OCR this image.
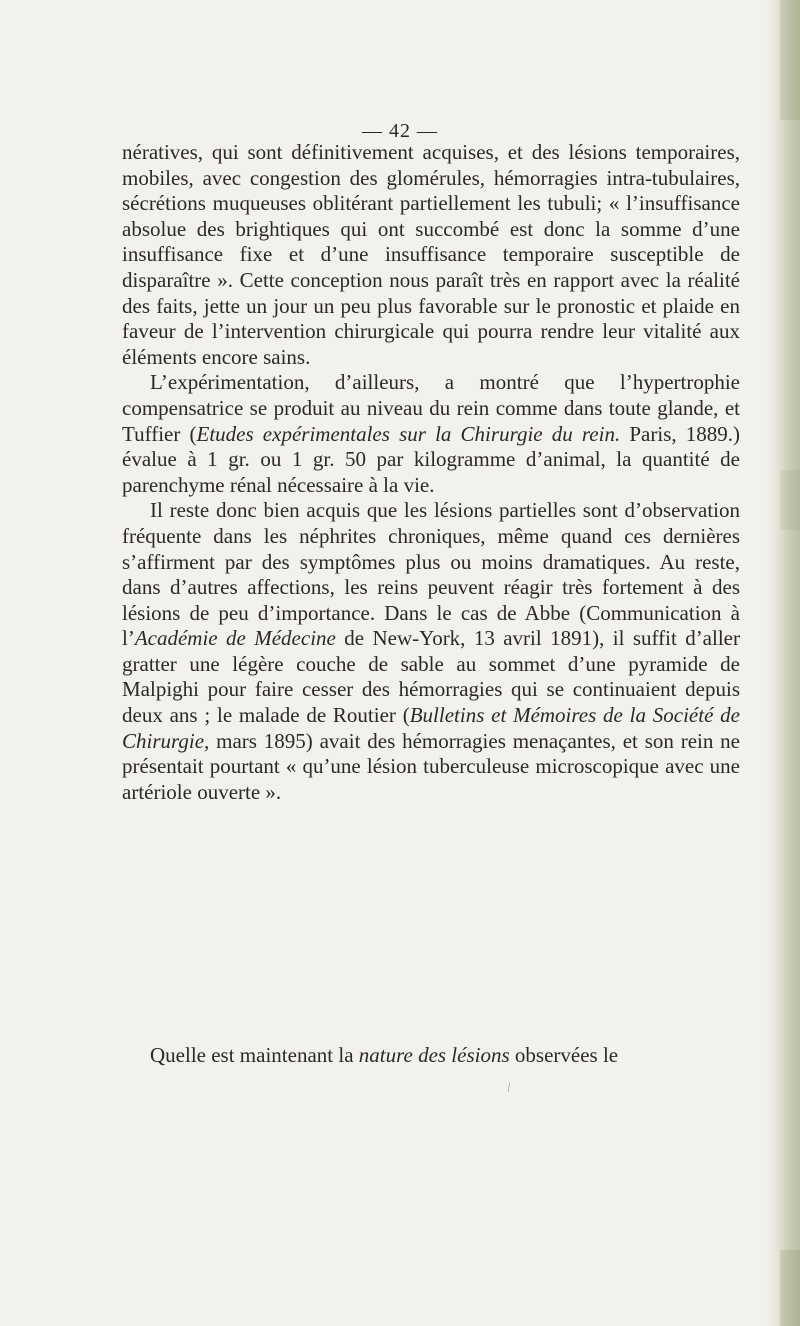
— 42 —

nératives, qui sont définitivement acquises, et des lésions temporaires, mobiles, avec congestion des glomérules, hémorragies intra-tubulaires, sécrétions muqueuses oblitérant partiellement les tubuli; « l’insuffisance absolue des brightiques qui ont succombé est donc la somme d’une insuffisance fixe et d’une insuffisance temporaire susceptible de disparaître ». Cette conception nous paraît très en rapport avec la réalité des faits, jette un jour un peu plus favorable sur le pronostic et plaide en faveur de l’intervention chirurgicale qui pourra rendre leur vitalité aux éléments encore sains.

L’expérimentation, d’ailleurs, a montré que l’hypertrophie compensatrice se produit au niveau du rein comme dans toute glande, et Tuffier (Etudes expérimentales sur la Chirurgie du rein. Paris, 1889.) évalue à 1 gr. ou 1 gr. 50 par kilogramme d’animal, la quantité de parenchyme rénal nécessaire à la vie.

Il reste donc bien acquis que les lésions partielles sont d’observation fréquente dans les néphrites chroniques, même quand ces dernières s’affirment par des symptômes plus ou moins dramatiques. Au reste, dans d’autres affections, les reins peuvent réagir très fortement à des lésions de peu d’importance. Dans le cas de Abbe (Communication à l’Académie de Médecine de New-York, 13 avril 1891), il suffit d’aller gratter une légère couche de sable au sommet d’une pyramide de Malpighi pour faire cesser des hémorragies qui se continuaient depuis deux ans ; le malade de Routier (Bulletins et Mémoires de la Société de Chirurgie, mars 1895) avait des hémorragies menaçantes, et son rein ne présentait pourtant « qu’une lésion tuberculeuse microscopique avec une artériole ouverte ».

Quelle est maintenant la nature des lésions observées le
⁄
